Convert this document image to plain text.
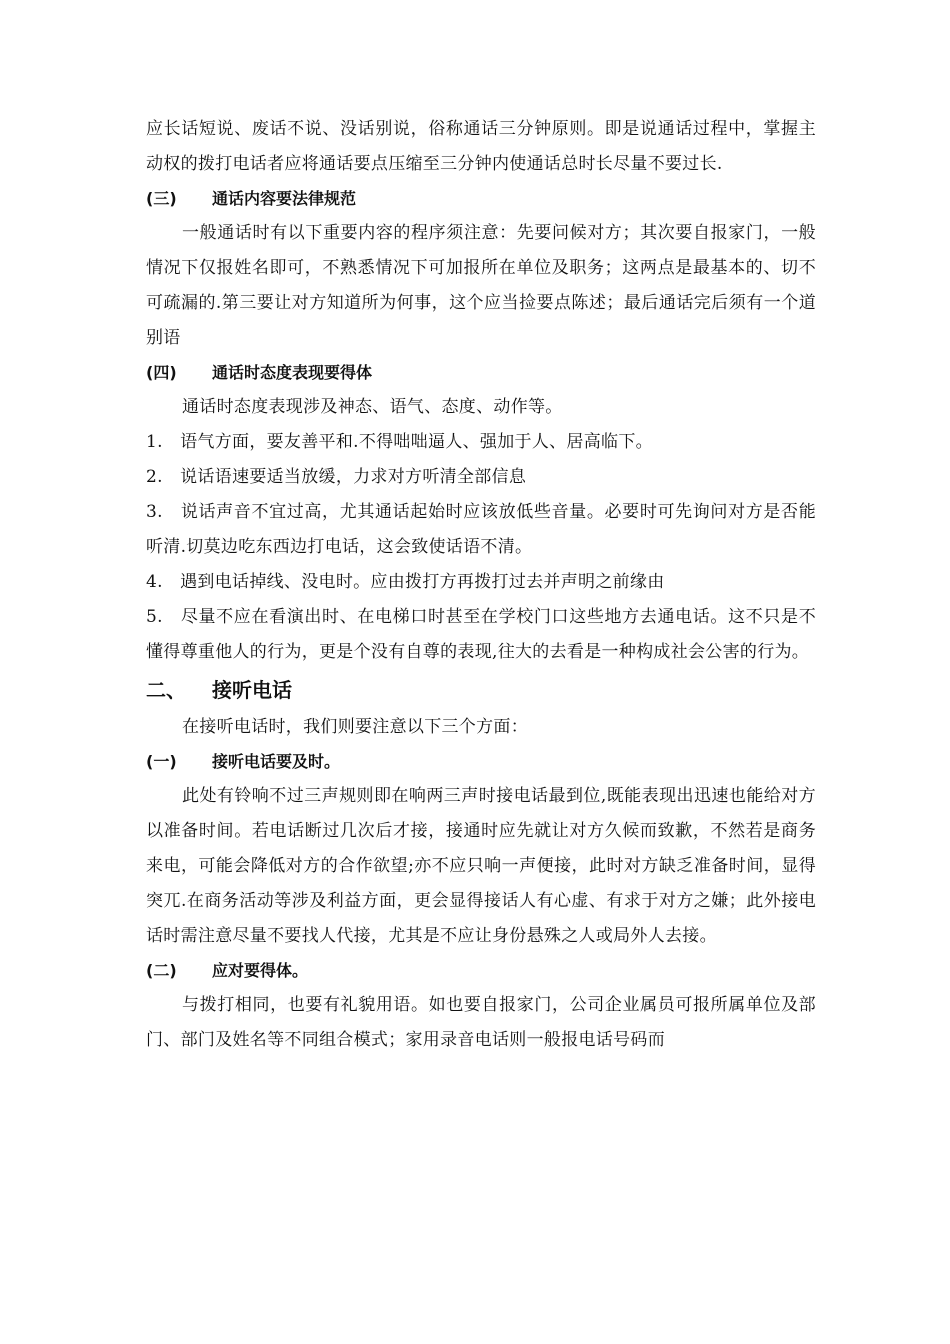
应长话短说、废话不说、没话别说，俗称通话三分钟原则。即是说通话过程中，掌握主动权的拨打电话者应将通话要点压缩至三分钟内使通话总时长尽量不要过长.

(三)	通话内容要法律规范

一般通话时有以下重要内容的程序须注意：先要问候对方；其次要自报家门，一般情况下仅报姓名即可，不熟悉情况下可加报所在单位及职务；这两点是最基本的、切不可疏漏的.第三要让对方知道所为何事，这个应当捡要点陈述；最后通话完后须有一个道别语

(四)	通话时态度表现要得体

通话时态度表现涉及神态、语气、态度、动作等。

1.　语气方面，要友善平和.不得咄咄逼人、强加于人、居高临下。

2.　说话语速要适当放缓，力求对方听清全部信息

3.　说话声音不宜过高，尤其通话起始时应该放低些音量。必要时可先询问对方是否能听清.切莫边吃东西边打电话，这会致使话语不清。

4.　遇到电话掉线、没电时。应由拨打方再拨打过去并声明之前缘由

5.　尽量不应在看演出时、在电梯口时甚至在学校门口这些地方去通电话。这不只是不懂得尊重他人的行为，更是个没有自尊的表现,往大的去看是一种构成社会公害的行为。

二、	接听电话

在接听电话时，我们则要注意以下三个方面：

(一)	接听电话要及时。

此处有铃响不过三声规则即在响两三声时接电话最到位,既能表现出迅速也能给对方以准备时间。若电话断过几次后才接，接通时应先就让对方久候而致歉，不然若是商务来电，可能会降低对方的合作欲望;亦不应只响一声便接，此时对方缺乏准备时间，显得突兀.在商务活动等涉及利益方面，更会显得接话人有心虚、有求于对方之嫌；此外接电话时需注意尽量不要找人代接，尤其是不应让身份悬殊之人或局外人去接。

(二)	应对要得体。

与拨打相同，也要有礼貌用语。如也要自报家门，公司企业属员可报所属单位及部门、部门及姓名等不同组合模式；家用录音电话则一般报电话号码而
